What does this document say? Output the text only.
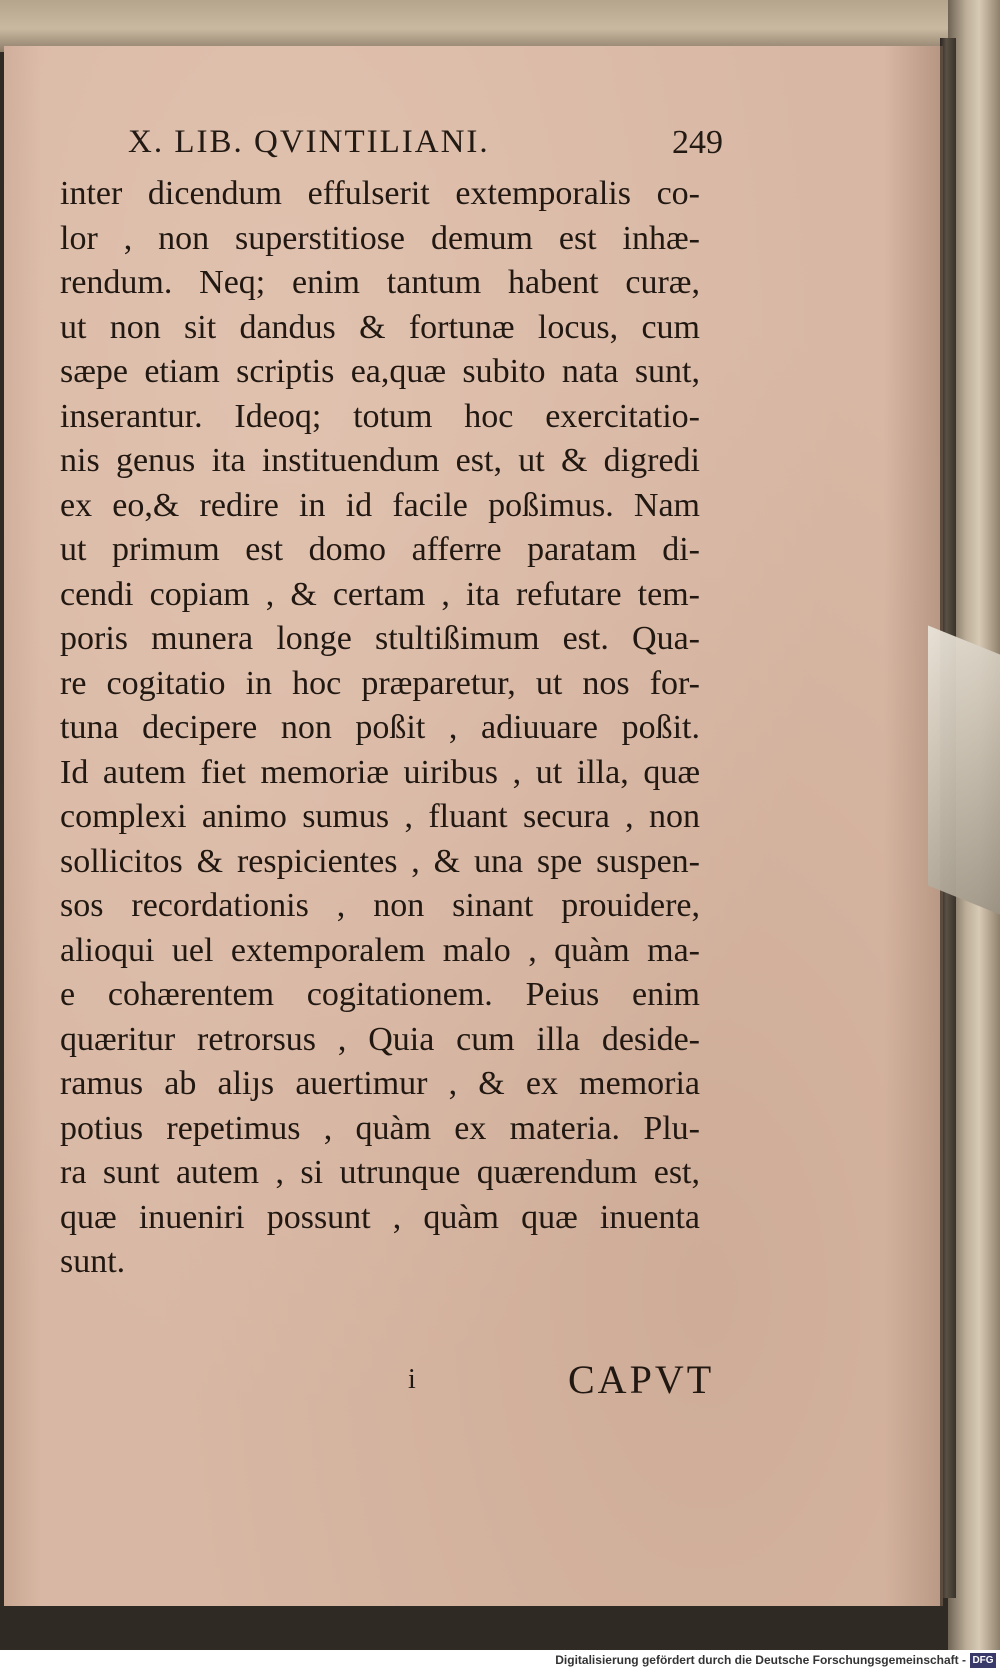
X. LIB. QVINTILIANI.	249
inter dicendum effulserit extemporalis co-
lor , non superstitiose demum est inhæ-
rendum. Neq; enim tantum habent curæ,
ut non sit dandus & fortunæ locus, cum
sæpe etiam scriptis ea,quæ subito nata sunt,
inserantur. Ideoq; totum hoc exercitatio-
nis genus ita instituendum est, ut & digredi
ex eo,& redire in id facile poßimus. Nam
ut primum est domo afferre paratam di-
cendi copiam , & certam , ita refutare tem-
poris munera longe stultißimum est. Qua-
re cogitatio in hoc præparetur, ut nos for-
tuna decipere non poßit , adiuuare poßit.
Id autem fiet memoriæ uiribus , ut illa, quæ
complexi animo sumus , fluant secura , non
sollicitos & respicientes , & una spe suspen-
sos recordationis , non sinant prouidere,
alioqui uel extemporalem malo , quàm ma-
e cohærentem cogitationem. Peius enim
quæritur retrorsus , Quia cum illa deside-
ramus ab aliȷs auertimur , & ex memoria
potius repetimus , quàm ex materia. Plu-
ra sunt autem , si utrunque quærendum est,
quæ inueniri possunt , quàm quæ inuenta
sunt.
i	CAPVT
Digitalisierung gefördert durch die Deutsche Forschungsgemeinschaft - DFG
